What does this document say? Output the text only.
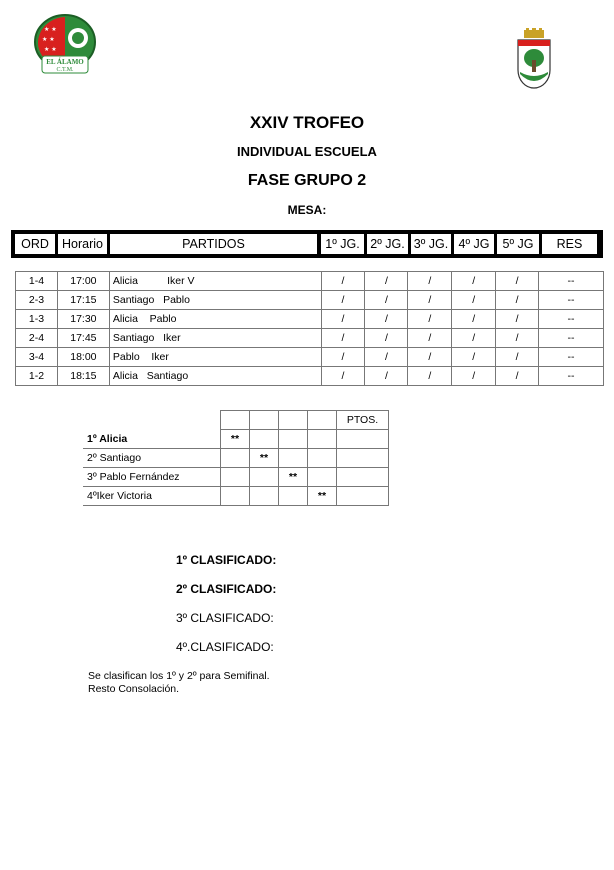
★ ★
★ ★
★ ★
EL ÁLAMO
C.T.M.
XXIV TROFEO
INDIVIDUAL ESCUELA
FASE GRUPO 2
MESA:
ORD	Horario	PARTIDOS	1º JG. 2º JG. 3º JG. 4º JG	5º JG	RES
1-4	17:00	Alicia          Iker V	/	/	/	/	/	--
2-3	17:15	Santiago   Pablo	/	/	/	/	/	--
1-3	17:30	Alicia    Pablo	/	/	/	/	/	--
2-4	17:45	Santiago   Iker	/	/	/	/	/	--
3-4	18:00	Pablo    Iker	/	/	/	/	/	--
1-2	18:15	Alicia   Santiago	/	/	/	/	/	--
					PTOS.
1º Alicia	**				
2º Santiago		**			
3º Pablo Fernández			**		
4ºIker Victoria				**	
1º CLASIFICADO:
2º CLASIFICADO:
3º CLASIFICADO:
4º.CLASIFICADO:
Se clasifican los 1º y 2º para Semifinal.
Resto Consolación.
